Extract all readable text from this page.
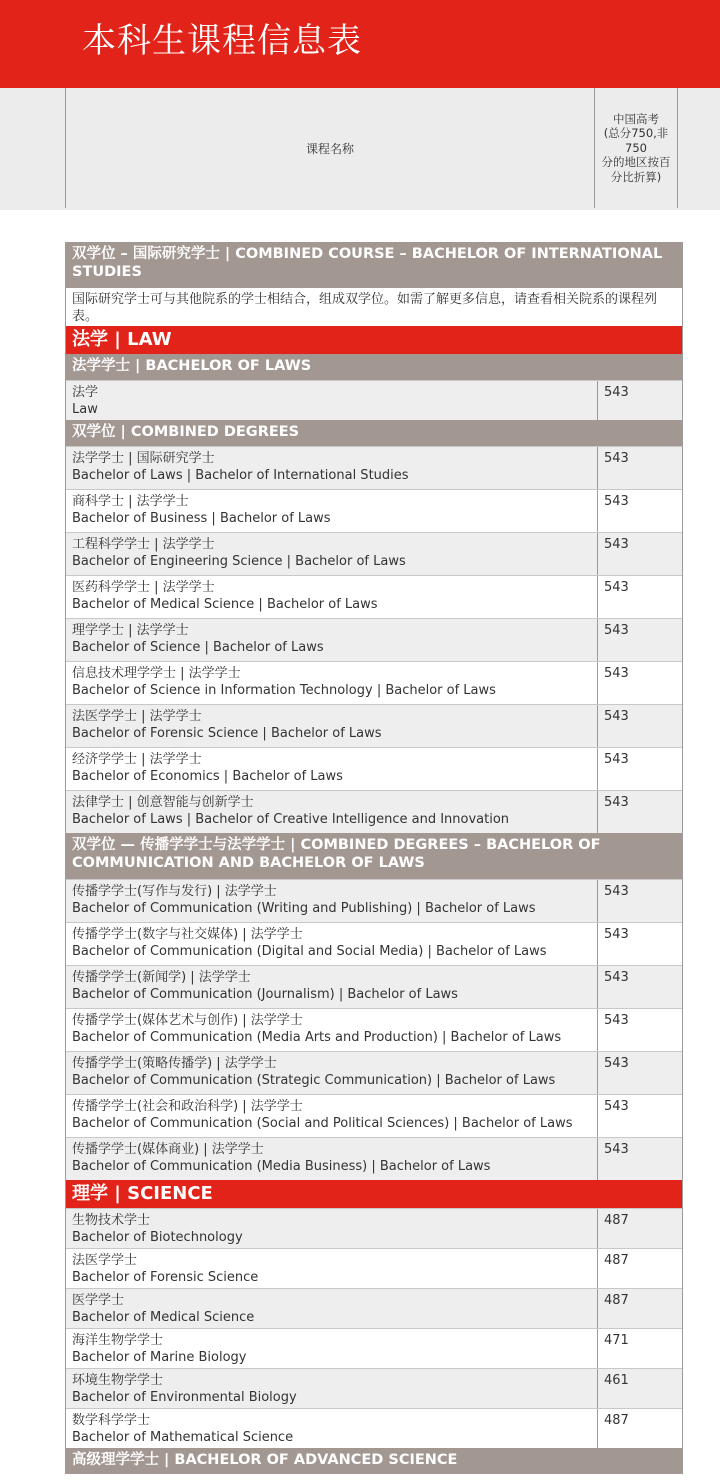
本科生课程信息表
课程名称
中国高考
(总分750,非750
分的地区按百
分比折算)
双学位 – 国际研究学士 | COMBINED COURSE – BACHELOR OF INTERNATIONAL STUDIES
国际研究学士可与其他院系的学士相结合，组成双学位。如需了解更多信息，请查看相关院系的课程列表。
法学 | LAW
法学学士 | BACHELOR OF LAWS
法学
Law
543
双学位 | COMBINED DEGREES
法学学士 | 国际研究学士
Bachelor of Laws | Bachelor of International Studies
543
商科学士 | 法学学士
Bachelor of Business | Bachelor of Laws
543
工程科学学士 | 法学学士
Bachelor of Engineering Science | Bachelor of Laws
543
医药科学学士 | 法学学士
Bachelor of Medical Science | Bachelor of Laws
543
理学学士 | 法学学士
Bachelor of Science | Bachelor of Laws
543
信息技术理学学士 | 法学学士
Bachelor of Science in Information Technology | Bachelor of Laws
543
法医学学士 | 法学学士
Bachelor of Forensic Science | Bachelor of Laws
543
经济学学士 | 法学学士
Bachelor of Economics | Bachelor of Laws
543
法律学士 | 创意智能与创新学士
Bachelor of Laws | Bachelor of Creative Intelligence and Innovation
543
双学位 — 传播学学士与法学学士 | COMBINED DEGREES – BACHELOR OF COMMUNICATION AND BACHELOR OF LAWS
传播学学士(写作与发行) | 法学学士
Bachelor of Communication (Writing and Publishing) | Bachelor of Laws
543
传播学学士(数字与社交媒体) | 法学学士
Bachelor of Communication (Digital and Social Media) | Bachelor of Laws
543
传播学学士(新闻学) | 法学学士
Bachelor of Communication (Journalism) | Bachelor of Laws
543
传播学学士(媒体艺术与创作) | 法学学士
Bachelor of Communication (Media Arts and Production) | Bachelor of Laws
543
传播学学士(策略传播学) | 法学学士
Bachelor of Communication (Strategic Communication) | Bachelor of Laws
543
传播学学士(社会和政治科学) | 法学学士
Bachelor of Communication (Social and Political Sciences) | Bachelor of Laws
543
传播学学士(媒体商业) | 法学学士
Bachelor of Communication (Media Business) | Bachelor of Laws
543
理学 | SCIENCE
生物技术学士
Bachelor of Biotechnology
487
法医学学士
Bachelor of Forensic Science
487
医学学士
Bachelor of Medical Science
487
海洋生物学学士
Bachelor of Marine Biology
471
环境生物学学士
Bachelor of Environmental Biology
461
数学科学学士
Bachelor of Mathematical Science
487
高级理学学士 | BACHELOR OF ADVANCED SCIENCE
